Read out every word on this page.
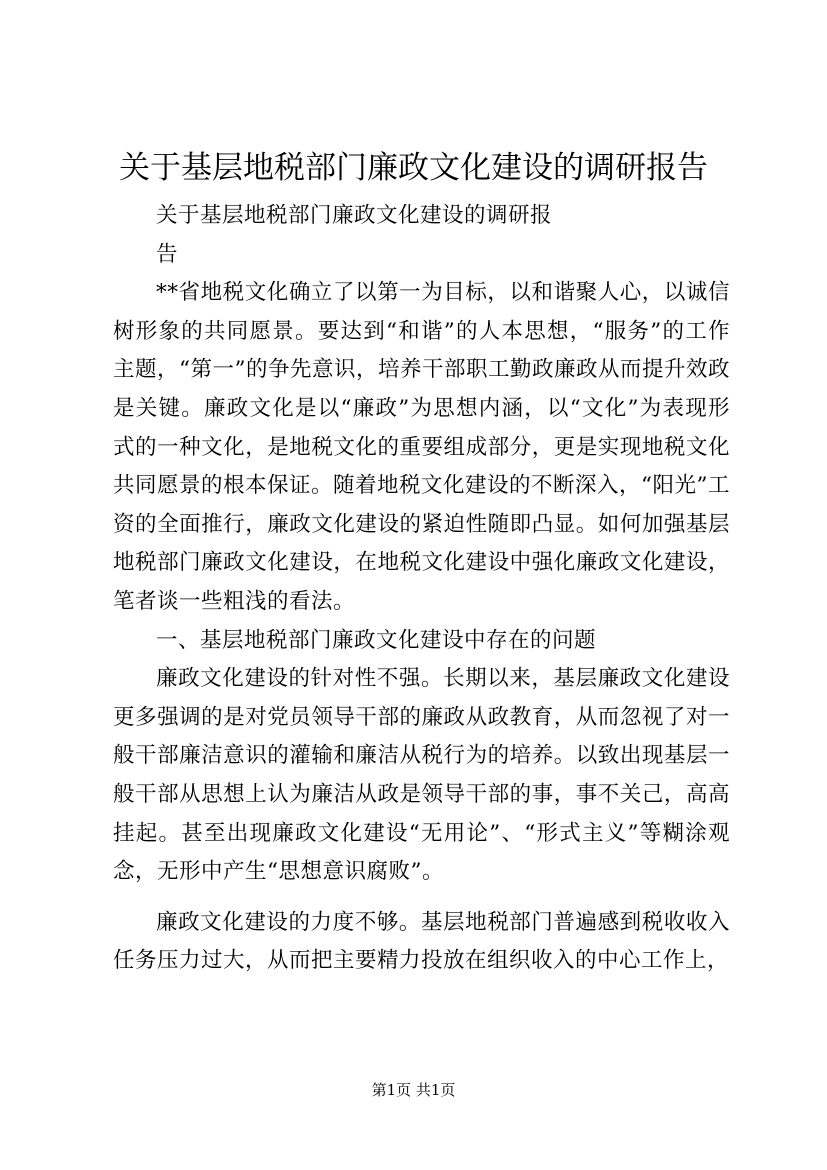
关于基层地税部门廉政文化建设的调研报告

关于基层地税部门廉政文化建设的调研报

告

**省地税文化确立了以第一为目标，以和谐聚人心，以诚信树形象的共同愿景。要达到“和谐”的人本思想，“服务”的工作主题，“第一”的争先意识，培养干部职工勤政廉政从而提升效政是关键。廉政文化是以“廉政”为思想内涵，以“文化”为表现形式的一种文化，是地税文化的重要组成部分，更是实现地税文化共同愿景的根本保证。随着地税文化建设的不断深入，“阳光”工资的全面推行，廉政文化建设的紧迫性随即凸显。如何加强基层地税部门廉政文化建设，在地税文化建设中强化廉政文化建设，笔者谈一些粗浅的看法。

一、基层地税部门廉政文化建设中存在的问题

廉政文化建设的针对性不强。长期以来，基层廉政文化建设更多强调的是对党员领导干部的廉政从政教育，从而忽视了对一般干部廉洁意识的灌输和廉洁从税行为的培养。以致出现基层一般干部从思想上认为廉洁从政是领导干部的事，事不关己，高高挂起。甚至出现廉政文化建设“无用论”、“形式主义”等糊涂观念，无形中产生“思想意识腐败”。

廉政文化建设的力度不够。基层地税部门普遍感到税收收入任务压力过大，从而把主要精力投放在组织收入的中心工作上，

第1页 共1页
